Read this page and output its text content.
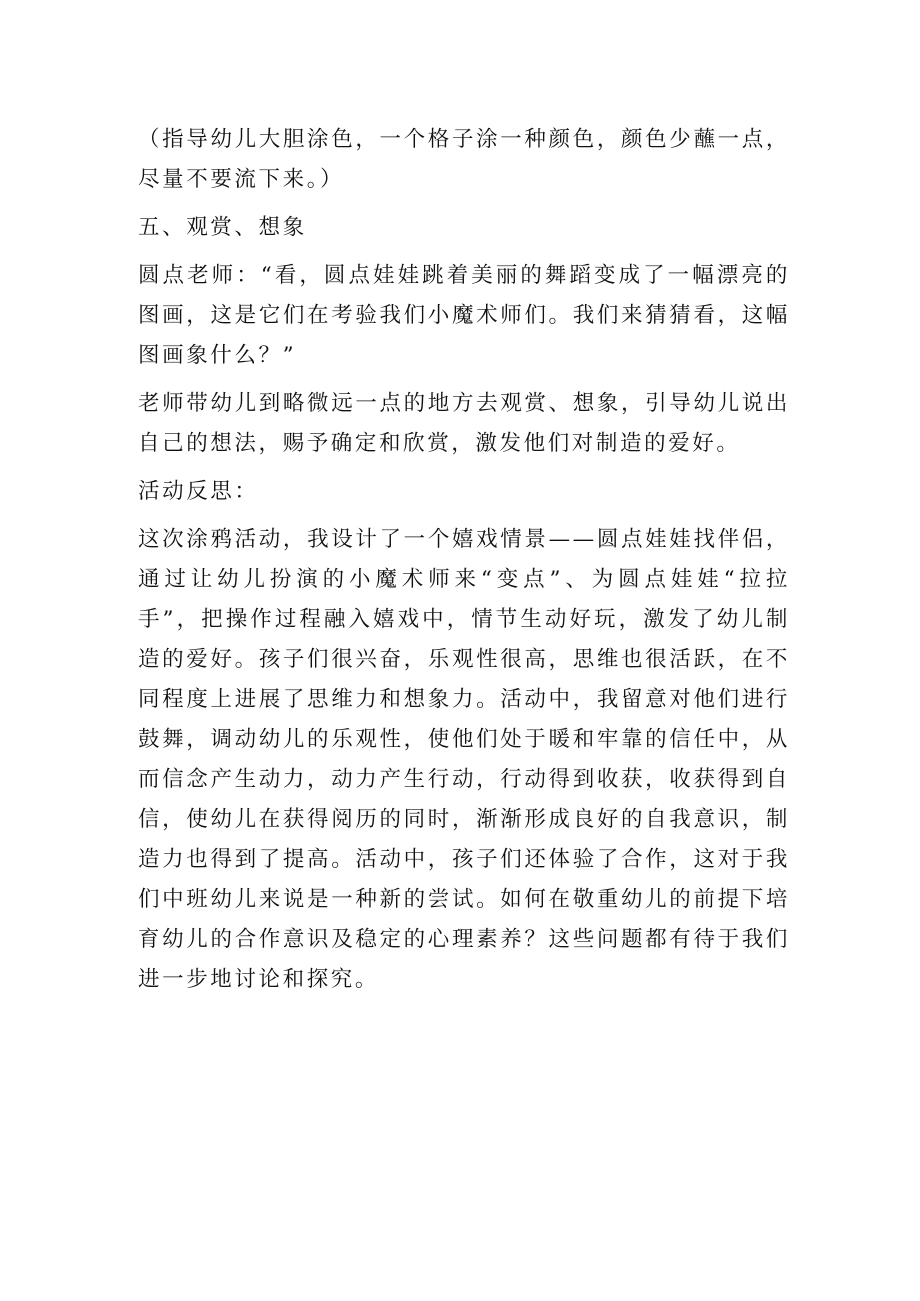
（指导幼儿大胆涂色，一个格子涂一种颜色，颜色少蘸一点，尽量不要流下来。）

五、观赏、想象

圆点老师：“看，圆点娃娃跳着美丽的舞蹈变成了一幅漂亮的图画，这是它们在考验我们小魔术师们。我们来猜猜看，这幅图画象什么？”

老师带幼儿到略微远一点的地方去观赏、想象，引导幼儿说出自己的想法，赐予确定和欣赏，激发他们对制造的爱好。

活动反思：

这次涂鸦活动，我设计了一个嬉戏情景——圆点娃娃找伴侣，通过让幼儿扮演的小魔术师来“变点”、为圆点娃娃“拉拉手”，把操作过程融入嬉戏中，情节生动好玩，激发了幼儿制造的爱好。孩子们很兴奋，乐观性很高，思维也很活跃，在不同程度上进展了思维力和想象力。活动中，我留意对他们进行鼓舞，调动幼儿的乐观性，使他们处于暖和牢靠的信任中，从而信念产生动力，动力产生行动，行动得到收获，收获得到自信，使幼儿在获得阅历的同时，渐渐形成良好的自我意识，制造力也得到了提高。活动中，孩子们还体验了合作，这对于我们中班幼儿来说是一种新的尝试。如何在敬重幼儿的前提下培育幼儿的合作意识及稳定的心理素养？这些问题都有待于我们进一步地讨论和探究。
